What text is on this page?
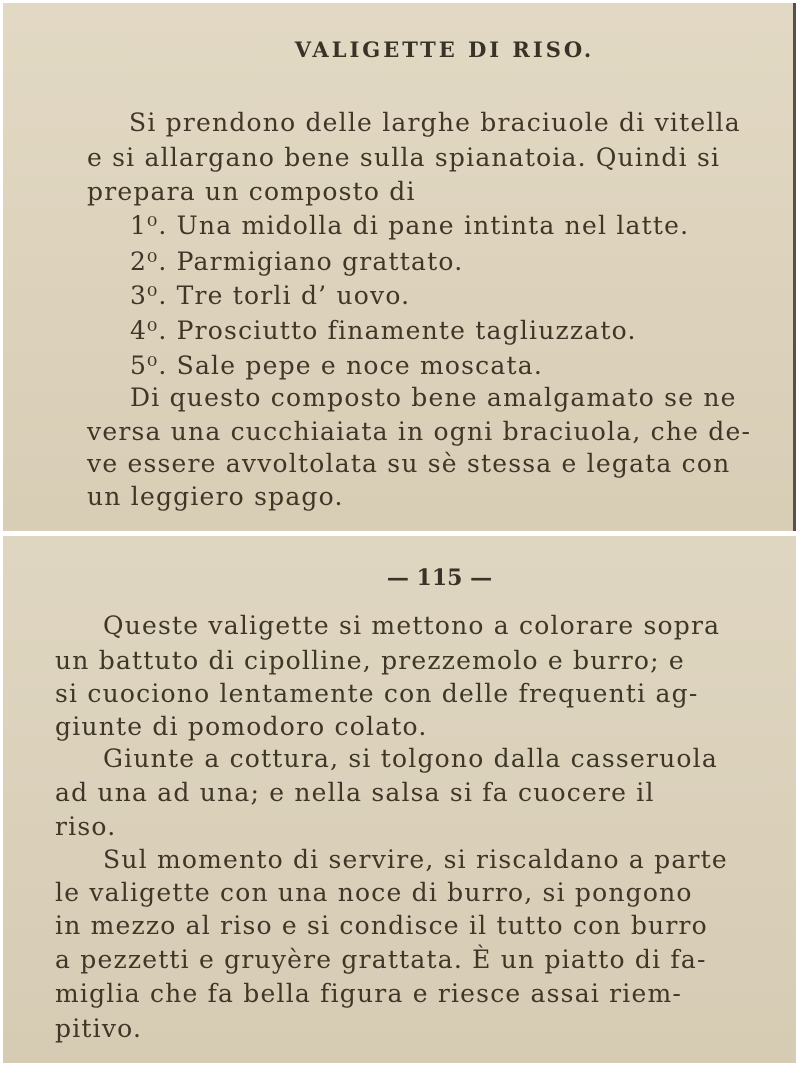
VALIGETTE DI RISO.
Si prendono delle larghe braciuole di vitella
e si allargano bene sulla spianatoia. Quindi si
prepara un composto di
1⁰. Una midolla di pane intinta nel latte.
2⁰. Parmigiano grattato.
3⁰. Tre torli d’ uovo.
4⁰. Prosciutto finamente tagliuzzato.
5⁰. Sale pepe e noce moscata.
Di questo composto bene amalgamato se ne
versa una cucchiaiata in ogni braciuola, che de-
ve essere avvoltolata su sè stessa e legata con
un leggiero spago.
— 115 —
Queste valigette si mettono a colorare sopra
un battuto di cipolline, prezzemolo e burro; e
si cuociono lentamente con delle frequenti ag-
giunte di pomodoro colato.
Giunte a cottura, si tolgono dalla casseruola
ad una ad una; e nella salsa si fa cuocere il
riso.
Sul momento di servire, si riscaldano a parte
le valigette con una noce di burro, si pongono
in mezzo al riso e si condisce il tutto con burro
a pezzetti e gruyère grattata. È un piatto di fa-
miglia che fa bella figura e riesce assai riem-
pitivo.
